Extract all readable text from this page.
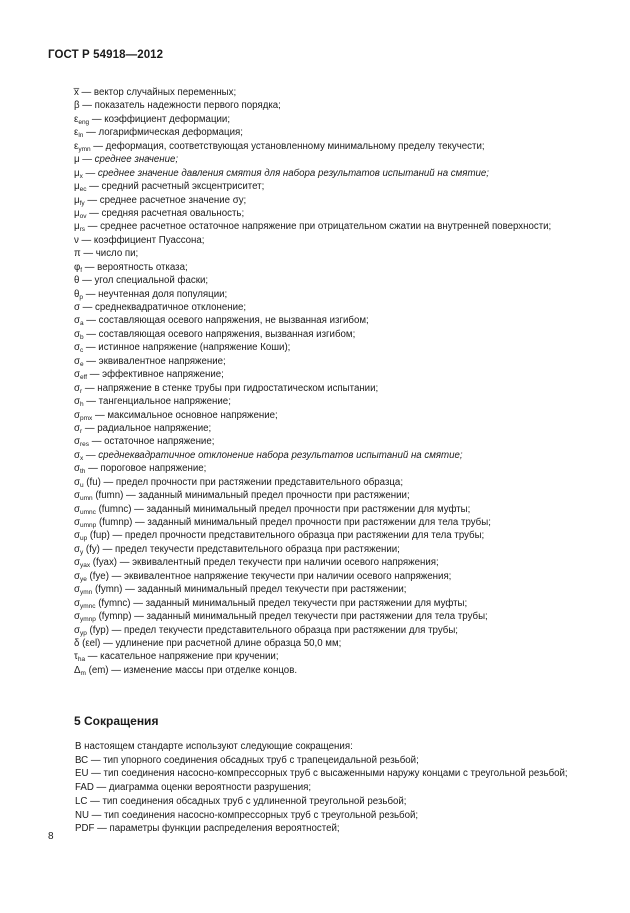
ГОСТ Р 54918—2012
x̅ — вектор случайных переменных;
β — показатель надежности первого порядка;
$\varepsilon_{eng}$ — коэффициент деформации;
$\varepsilon_{ln}$ — логарифмическая деформация;
$\varepsilon_{ymn}$ — деформация, соответствующая установленному минимальному пределу текучести;
μ — среднее значение;
$\mu_x$ — среднее значение давления смятия для набора результатов испытаний на смятие;
$\mu_{ec}$ — средний расчетный эксцентриситет;
$\mu_{fy}$ — среднее расчетное значение σy;
$\mu_{ov}$ — средняя расчетная овальность;
$\mu_{rs}$ — среднее расчетное остаточное напряжение при отрицательном сжатии на внутренней поверхности;
ν — коэффициент Пуассона;
π — число пи;
$\varphi_f$ — вероятность отказа;
θ — угол специальной фаски;
$\theta_p$ — неучтенная доля популяции;
σ — среднеквадратичное отклонение;
$\sigma_a$ — составляющая осевого напряжения, не вызванная изгибом;
$\sigma_b$ — составляющая осевого напряжения, вызванная изгибом;
$\sigma_c$ — истинное напряжение (напряжение Коши);
$\sigma_e$ — эквивалентное напряжение;
$\sigma_{eff}$ — эффективное напряжение;
$\sigma_r$ — напряжение в стенке трубы при гидростатическом испытании;
$\sigma_h$ — тангенциальное напряжение;
$\sigma_{pmx}$ — максимальное основное напряжение;
$\sigma_r$ — радиальное напряжение;
$\sigma_{res}$ — остаточное напряжение;
$\sigma_x$ — среднеквадратичное отклонение набора результатов испытаний на смятие;
$\sigma_{th}$ — пороговое напряжение;
$\sigma_u$ (fu) — предел прочности при растяжении представительного образца;
$\sigma_{umn}$ (fumn) — заданный минимальный предел прочности при растяжении;
$\sigma_{umnc}$ (fumnc) — заданный минимальный предел прочности при растяжении для муфты;
$\sigma_{umnp}$ (fumnp) — заданный минимальный предел прочности при растяжении для тела трубы;
$\sigma_{up}$ (fup) — предел прочности представительного образца при растяжении для тела трубы;
$\sigma_y$ (fy) — предел текучести представительного образца при растяжении;
$\sigma_{yax}$ (fyax) — эквивалентный предел текучести при наличии осевого напряжения;
$\sigma_{ye}$ (fye) — эквивалентное напряжение текучести при наличии осевого напряжения;
$\sigma_{ymn}$ (fymn) — заданный минимальный предел текучести при растяжении;
$\sigma_{ymnc}$ (fymnc) — заданный минимальный предел текучести при растяжении для муфты;
$\sigma_{ymnp}$ (fymnp) — заданный минимальный предел текучести при растяжении для тела трубы;
$\sigma_{yp}$ (fyp) — предел текучести представительного образца при растяжении для трубы;
δ (εel) — удлинение при расчетной длине образца 50,0 мм;
$\tau_{ha}$ — касательное напряжение при кручении;
$\Delta_m$ (em) — изменение массы при отделке концов.
5 Сокращения
В настоящем стандарте используют следующие сокращения:
ВС — тип упорного соединения обсадных труб с трапецеидальной резьбой;
EU — тип соединения насосно-компрессорных труб с высаженными наружу концами с треугольной резьбой;
FAD — диаграмма оценки вероятности разрушения;
LC — тип соединения обсадных труб с удлиненной треугольной резьбой;
NU — тип соединения насосно-компрессорных труб с треугольной резьбой;
PDF — параметры функции распределения вероятностей;
8
